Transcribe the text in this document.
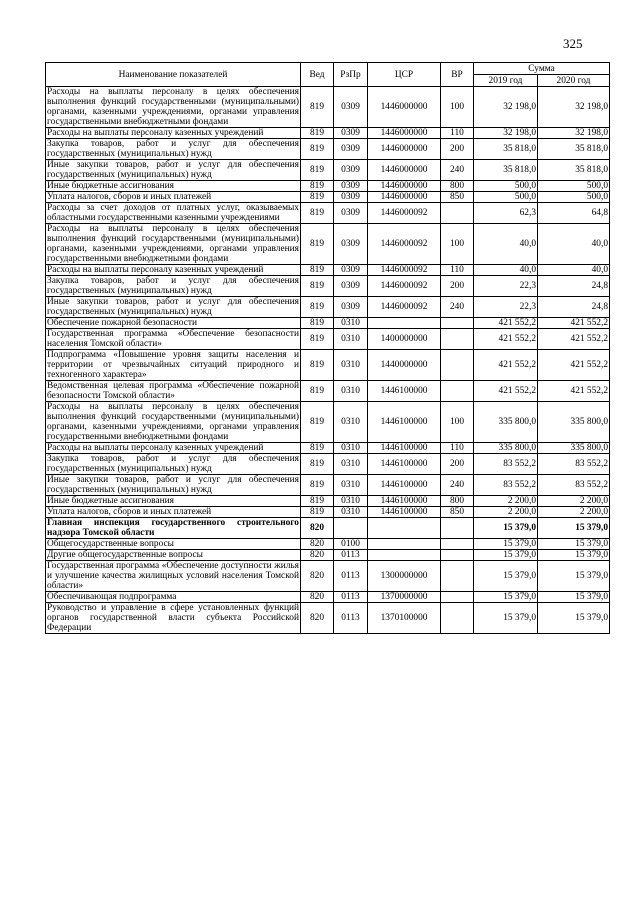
325
Наименование показателей	Вед	РзПр	ЦСР	ВР	Сумма	
					2019 год	2020 год
Расходы на выплаты персоналу в целях обеспечения выполнения функций государственными (муниципальными) органами, казенными учреждениями, органами управления государственными внебюджетными фондами	819	0309	1446000000	100	32 198,0	32 198,0
Расходы на выплаты персоналу казенных учреждений	819	0309	1446000000	110	32 198,0	32 198,0
Закупка товаров, работ и услуг для обеспечения государственных (муниципальных) нужд	819	0309	1446000000	200	35 818,0	35 818,0
Иные закупки товаров, работ и услуг для обеспечения государственных (муниципальных) нужд	819	0309	1446000000	240	35 818,0	35 818,0
Иные бюджетные ассигнования	819	0309	1446000000	800	500,0	500,0
Уплата налогов, сборов и иных платежей	819	0309	1446000000	850	500,0	500,0
Расходы за счет доходов от платных услуг, оказываемых областными государственными казенными учреждениями	819	0309	1446000092		62,3	64,8
Расходы на выплаты персоналу в целях обеспечения выполнения функций государственными (муниципальными) органами, казенными учреждениями, органами управления государственными внебюджетными фондами	819	0309	1446000092	100	40,0	40,0
Расходы на выплаты персоналу казенных учреждений	819	0309	1446000092	110	40,0	40,0
Закупка товаров, работ и услуг для обеспечения государственных (муниципальных) нужд	819	0309	1446000092	200	22,3	24,8
Иные закупки товаров, работ и услуг для обеспечения государственных (муниципальных) нужд	819	0309	1446000092	240	22,3	24,8
Обеспечение пожарной безопасности	819	0310			421 552,2	421 552,2
Государственная программа «Обеспечение безопасности населения Томской области»	819	0310	1400000000		421 552,2	421 552,2
Подпрограмма «Повышение уровня защиты населения и территории от чрезвычайных ситуаций природного и техногенного характера»	819	0310	1440000000		421 552,2	421 552,2
Ведомственная целевая программа «Обеспечение пожарной безопасности Томской области»	819	0310	1446100000		421 552,2	421 552,2
Расходы на выплаты персоналу в целях обеспечения выполнения функций государственными (муниципальными) органами, казенными учреждениями, органами управления государственными внебюджетными фондами	819	0310	1446100000	100	335 800,0	335 800,0
Расходы на выплаты персоналу казенных учреждений	819	0310	1446100000	110	335 800,0	335 800,0
Закупка товаров, работ и услуг для обеспечения государственных (муниципальных) нужд	819	0310	1446100000	200	83 552,2	83 552,2
Иные закупки товаров, работ и услуг для обеспечения государственных (муниципальных) нужд	819	0310	1446100000	240	83 552,2	83 552,2
Иные бюджетные ассигнования	819	0310	1446100000	800	2 200,0	2 200,0
Уплата налогов, сборов и иных платежей	819	0310	1446100000	850	2 200,0	2 200,0
Главная инспекция государственного строительного надзора Томской области	820				15 379,0	15 379,0
Общегосударственные вопросы	820	0100			15 379,0	15 379,0
Другие общегосударственные вопросы	820	0113			15 379,0	15 379,0
Государственная программа «Обеспечение доступности жилья и улучшение качества жилищных условий населения Томской области»	820	0113	1300000000		15 379,0	15 379,0
Обеспечивающая подпрограмма	820	0113	1370000000		15 379,0	15 379,0
Руководство и управление в сфере установленных функций органов государственной власти субъекта Российской Федерации	820	0113	1370100000		15 379,0	15 379,0
